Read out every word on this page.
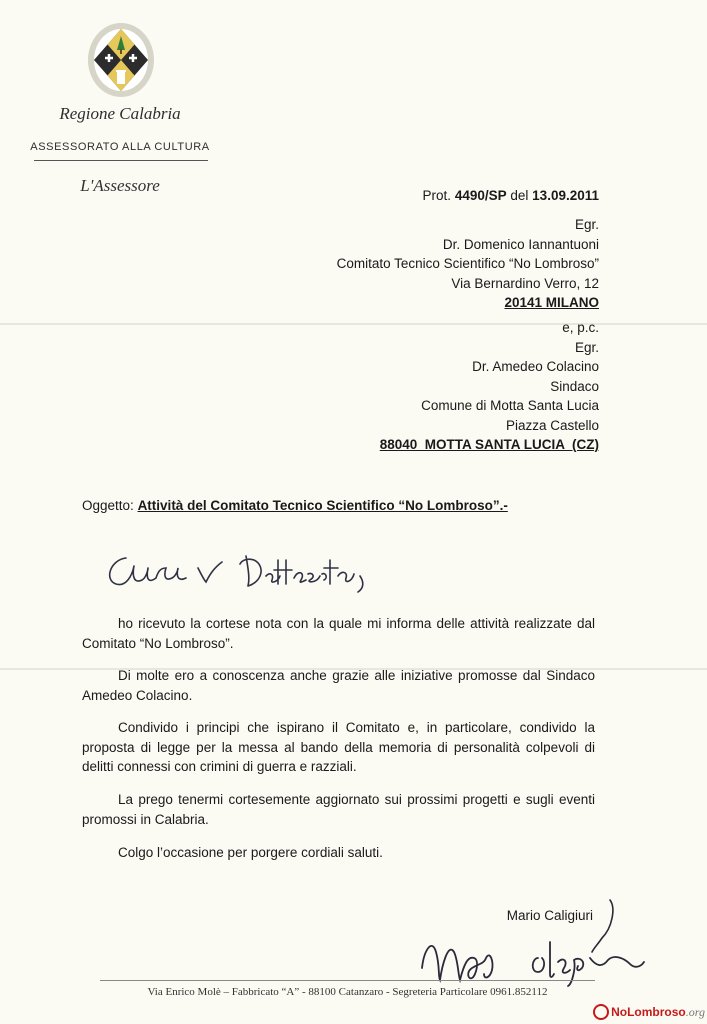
Regione Calabria
ASSESSORATO ALLA CULTURA
L'Assessore
Prot. 4490/SP del 13.09.2011
Egr.
Dr. Domenico Iannantuoni
Comitato Tecnico Scientifico “No Lombroso”
Via Bernardino Verro, 12
20141 MILANO
e, p.c.
Egr.
Dr. Amedeo Colacino
Sindaco
Comune di Motta Santa Lucia
Piazza Castello
88040  MOTTA SANTA LUCIA  (CZ)
Oggetto: Attività del Comitato Tecnico Scientifico “No Lombroso”.-

ho ricevuto la cortese nota con la quale mi informa delle attività realizzate dal Comitato “No Lombroso”.

Di molte ero a conoscenza anche grazie alle iniziative promosse dal Sindaco Amedeo Colacino.

Condivido i principi che ispirano il Comitato e, in particolare, condivido la proposta di legge per la messa al bando della memoria di personalità colpevoli di delitti connessi con crimini di guerra e razziali.

La prego tenermi cortesemente aggiornato sui prossimi progetti e sugli eventi promossi in Calabria.

Colgo l’occasione per porgere cordiali saluti.

Mario Caligiuri
Via Enrico Molè – Fabbricato “A” - 88100 Catanzaro - Segreteria Particolare 0961.852112
NoLombroso.org
